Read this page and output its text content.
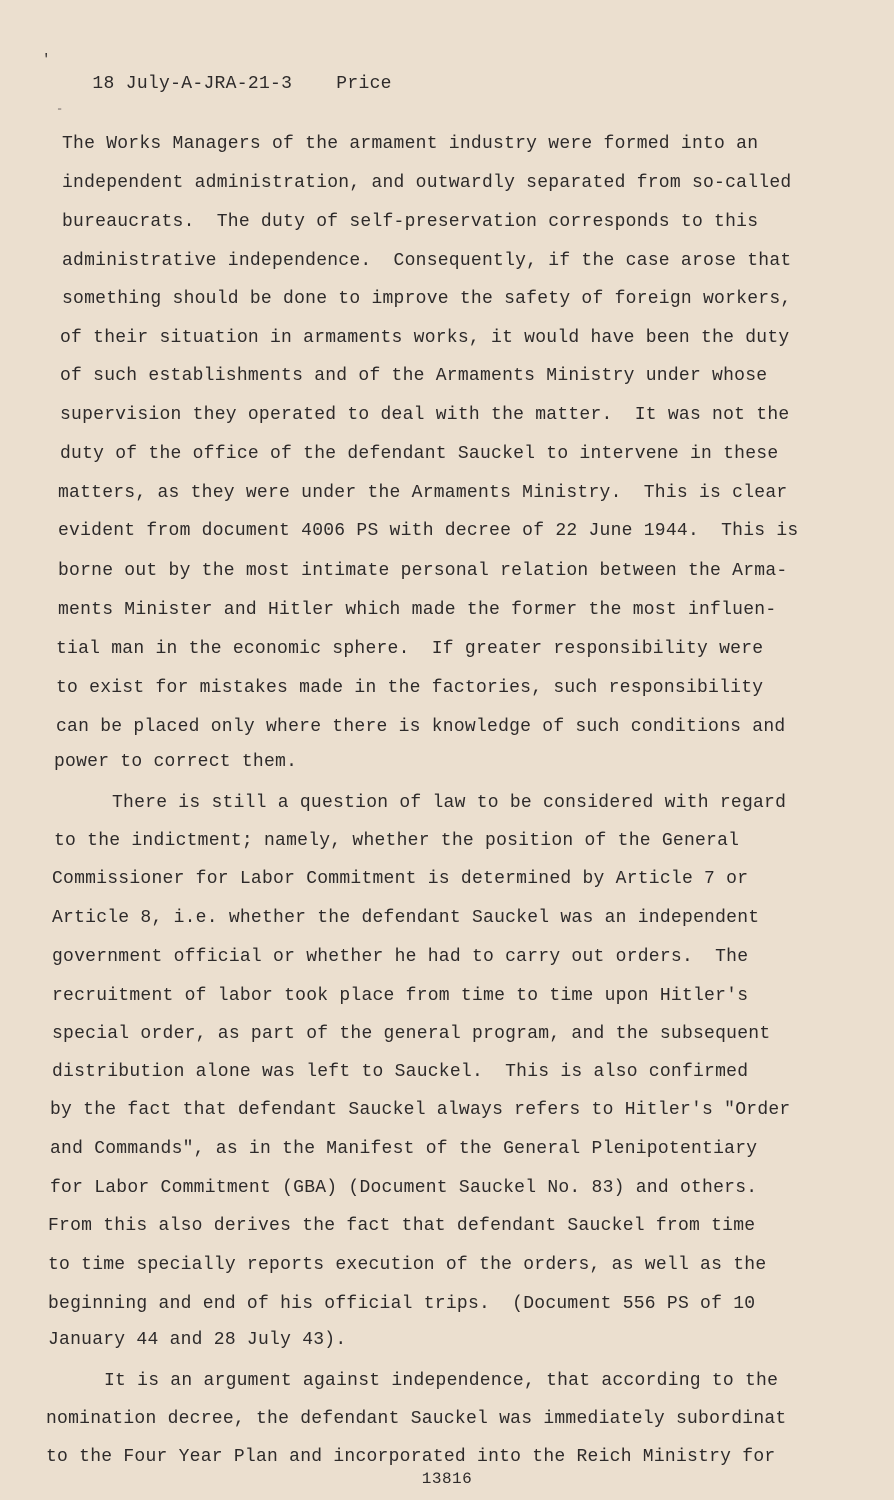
'
18 July-A-JRA-21-3 Price

-
The Works Managers of the armament industry were formed into an
independent administration, and outwardly separated from so-called
bureaucrats.  The duty of self-preservation corresponds to this
administrative independence.  Consequently, if the case arose that
something should be done to improve the safety of foreign workers,
of their situation in armaments works, it would have been the duty
of such establishments and of the Armaments Ministry under whose
supervision they operated to deal with the matter.  It was not the
duty of the office of the defendant Sauckel to intervene in these
matters, as they were under the Armaments Ministry.  This is clear
evident from document 4006 PS with decree of 22 June 1944.  This is
borne out by the most intimate personal relation between the Arma-
ments Minister and Hitler which made the former the most influen-
tial man in the economic sphere.  If greater responsibility were
to exist for mistakes made in the factories, such responsibility
can be placed only where there is knowledge of such conditions and
power to correct them.
There is still a question of law to be considered with regard
to the indictment; namely, whether the position of the General
Commissioner for Labor Commitment is determined by Article 7 or
Article 8, i.e. whether the defendant Sauckel was an independent
government official or whether he had to carry out orders.  The
recruitment of labor took place from time to time upon Hitler's
special order, as part of the general program, and the subsequent
distribution alone was left to Sauckel.  This is also confirmed
by the fact that defendant Sauckel always refers to Hitler's "Order
and Commands", as in the Manifest of the General Plenipotentiary
for Labor Commitment (GBA) (Document Sauckel No. 83) and others.
From this also derives the fact that defendant Sauckel from time
to time specially reports execution of the orders, as well as the
beginning and end of his official trips.  (Document 556 PS of 10
January 44 and 28 July 43).
It is an argument against independence, that according to the
nomination decree, the defendant Sauckel was immediately subordinat
to the Four Year Plan and incorporated into the Reich Ministry for
13816
